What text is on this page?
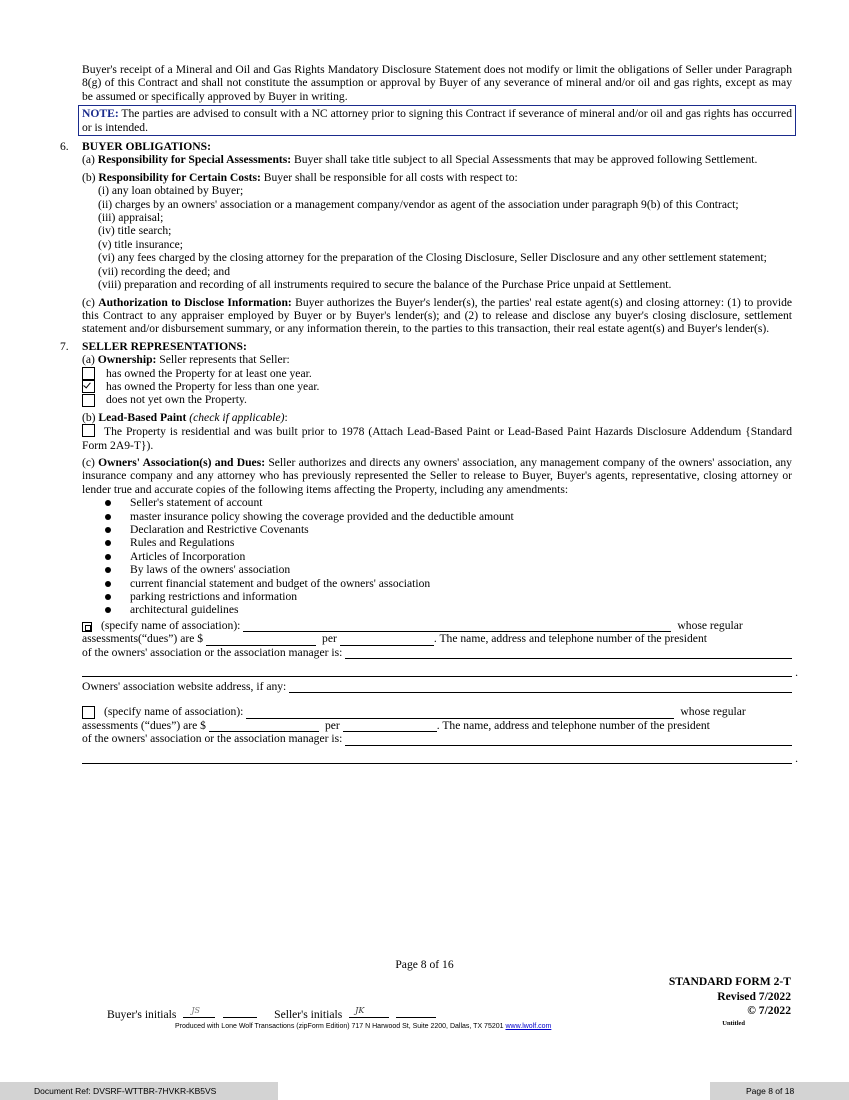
Buyer's receipt of a Mineral and Oil and Gas Rights Mandatory Disclosure Statement does not modify or limit the obligations of Seller under Paragraph 8(g) of this Contract and shall not constitute the assumption or approval by Buyer of any severance of mineral and/or oil and gas rights, except as may be assumed or specifically approved by Buyer in writing.

NOTE: The parties are advised to consult with a NC attorney prior to signing this Contract if severance of mineral and/or oil and gas rights has occurred or is intended.

6. BUYER OBLIGATIONS:

(a) Responsibility for Special Assessments: Buyer shall take title subject to all Special Assessments that may be approved following Settlement.

(b) Responsibility for Certain Costs: Buyer shall be responsible for all costs with respect to:

(i) any loan obtained by Buyer;

(ii) charges by an owners' association or a management company/vendor as agent of the association under paragraph 9(b) of this Contract;

(iii) appraisal;

(iv) title search;

(v) title insurance;

(vi) any fees charged by the closing attorney for the preparation of the Closing Disclosure, Seller Disclosure and any other settlement statement;

(vii) recording the deed; and

(viii) preparation and recording of all instruments required to secure the balance of the Purchase Price unpaid at Settlement.

(c) Authorization to Disclose Information: Buyer authorizes the Buyer's lender(s), the parties' real estate agent(s) and closing attorney: (1) to provide this Contract to any appraiser employed by Buyer or by Buyer's lender(s); and (2) to release and disclose any buyer's closing disclosure, settlement statement and/or disbursement summary, or any information therein, to the parties to this transaction, their real estate agent(s) and Buyer's lender(s).

7. SELLER REPRESENTATIONS:

(a) Ownership: Seller represents that Seller:

has owned the Property for at least one year.
has owned the Property for less than one year.
does not yet own the Property.

(b) Lead-Based Paint (check if applicable):

The Property is residential and was built prior to 1978 (Attach Lead-Based Paint or Lead-Based Paint Hazards Disclosure Addendum {Standard Form 2A9-T}).

(c) Owners' Association(s) and Dues: Seller authorizes and directs any owners' association, any management company of the owners' association, any insurance company and any attorney who has previously represented the Seller to release to Buyer, Buyer's agents, representative, closing attorney or lender true and accurate copies of the following items affecting the Property, including any amendments:

Seller's statement of account
master insurance policy showing the coverage provided and the deductible amount
Declaration and Restrictive Covenants
Rules and Regulations
Articles of Incorporation
By laws of the owners' association
current financial statement and budget of the owners' association
parking restrictions and information
architectural guidelines
(specify name of association):	whose regular
assessments(“dues”) are $	per	. The name, address and telephone number of the president
of the owners' association or the association manager is:
.
Owners' association website address, if any:
(specify name of association):	whose regular
assessments (“dues”) are $	per	. The name, address and telephone number of the president
of the owners' association or the association manager is:
.
Page 8 of 16
STANDARD FORM 2-T
Revised 7/2022
© 7/2022
Untitled
Buyer's initials JS	Seller's initials JK

Produced with Lone Wolf Transactions (zipForm Edition) 717 N Harwood St, Suite 2200, Dallas, TX 75201 www.lwolf.com
Document Ref: DVSRF-WTTBR-7HVKR-KB5VS	Page 8 of 18
